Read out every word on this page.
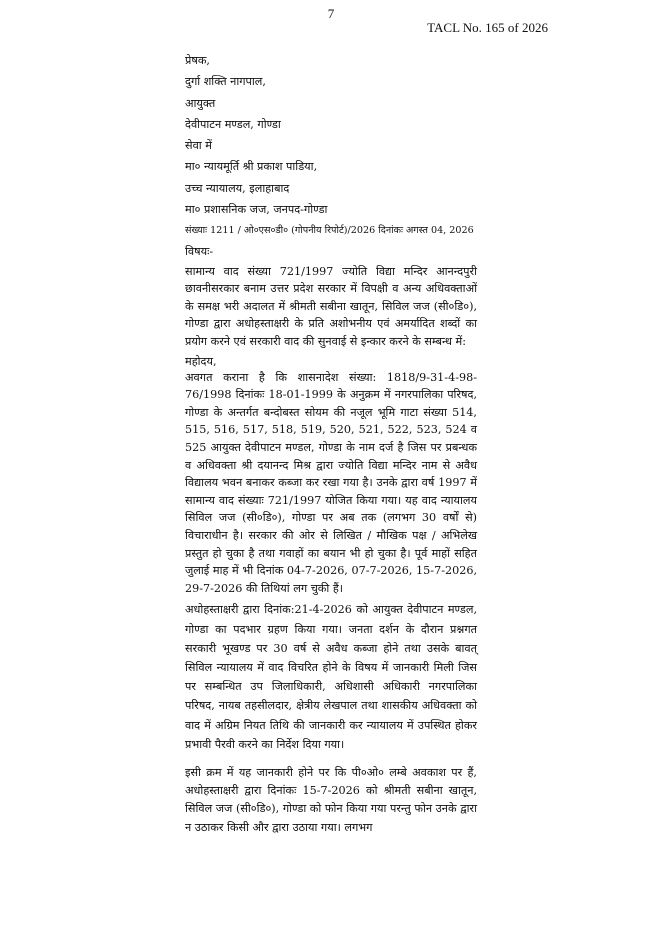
7
TACL No. 165 of 2026
प्रेषक,
दुर्गा शक्ति नागपाल,
आयुक्त
देवीपाटन मण्डल, गोण्डा
सेवा में
मा० न्यायमूर्ति श्री प्रकाश पाडिया,
उच्च न्यायालय, इलाहाबाद
मा० प्रशासनिक जज, जनपद-गोण्डा
संख्याः 1211 / ओ०एस०डी० (गोपनीय रिपोर्ट)/2026 दिनांकः अगस्त 04, 2026
विषयः-

सामान्य वाद संख्या 721/1997 ज्योति विद्या मन्दिर आनन्दपुरी छावनीसरकार बनाम उत्तर प्रदेश सरकार में विपक्षी व अन्य अधिवक्ताओं के समक्ष भरी अदालत में श्रीमती सबीना खातून, सिविल जज (सी०डि०), गोण्डा द्वारा अधोहस्ताक्षरी के प्रति अशोभनीय एवं अमर्यादित शब्दों का प्रयोग करने एवं सरकारी वाद की सुनवाई से इन्कार करने के सम्बन्ध में:

महोदय,

अवगत कराना है कि शासनादेश संख्या: 1818/9-31-4-98-76/1998 दिनांकः 18-01-1999 के अनुक्रम में नगरपालिका परिषद, गोण्डा के अन्तर्गत बन्दोबस्त सोयम की नजूल भूमि गाटा संख्या 514, 515, 516, 517, 518, 519, 520, 521, 522, 523, 524 व 525 आयुक्त देवीपाटन मण्डल, गोण्डा के नाम दर्ज है जिस पर प्रबन्धक व अधिवक्ता श्री दयानन्द मिश्र द्वारा ज्योति विद्या मन्दिर नाम से अवैध विद्यालय भवन बनाकर कब्जा कर रखा गया है। उनके द्वारा वर्ष 1997 में सामान्य वाद संख्याः 721/1997 योजित किया गया। यह वाद न्यायालय सिविल जज (सी०डि०), गोण्डा पर अब तक (लगभग 30 वर्षों से) विचाराधीन है। सरकार की ओर से लिखित / मौखिक पक्ष / अभिलेख प्रस्तुत हो चुका है तथा गवाहों का बयान भी हो चुका है। पूर्व माहों सहित जुलाई माह में भी दिनांक 04-7-2026, 07-7-2026, 15-7-2026, 29-7-2026 की तिथियां लग चुकी हैं।

अधोहस्ताक्षरी द्वारा दिनांक:21-4-2026 को आयुक्त देवीपाटन मण्डल, गोण्डा का पदभार ग्रहण किया गया। जनता दर्शन के दौरान प्रश्नगत सरकारी भूखण्ड पर 30 वर्ष से अवैध कब्जा होने तथा उसके बावत् सिविल न्यायालय में वाद विचरित होने के विषय में जानकारी मिली जिस पर सम्बन्धित उप जिलाधिकारी, अधिशासी अधिकारी नगरपालिका परिषद, नायब तहसीलदार, क्षेत्रीय लेखपाल तथा शासकीय अधिवक्ता को वाद में अग्रिम नियत तिथि की जानकारी कर न्यायालय में उपस्थित होकर प्रभावी पैरवी करने का निर्देश दिया गया।

इसी क्रम में यह जानकारी होने पर कि पी०ओ० लम्बे अवकाश पर हैं, अधोहस्ताक्षरी द्वारा दिनांकः 15-7-2026 को श्रीमती सबीना खातून, सिविल जज (सी०डि०), गोण्डा को फोन किया गया परन्तु फोन उनके द्वारा न उठाकर किसी और द्वारा उठाया गया। लगभग
